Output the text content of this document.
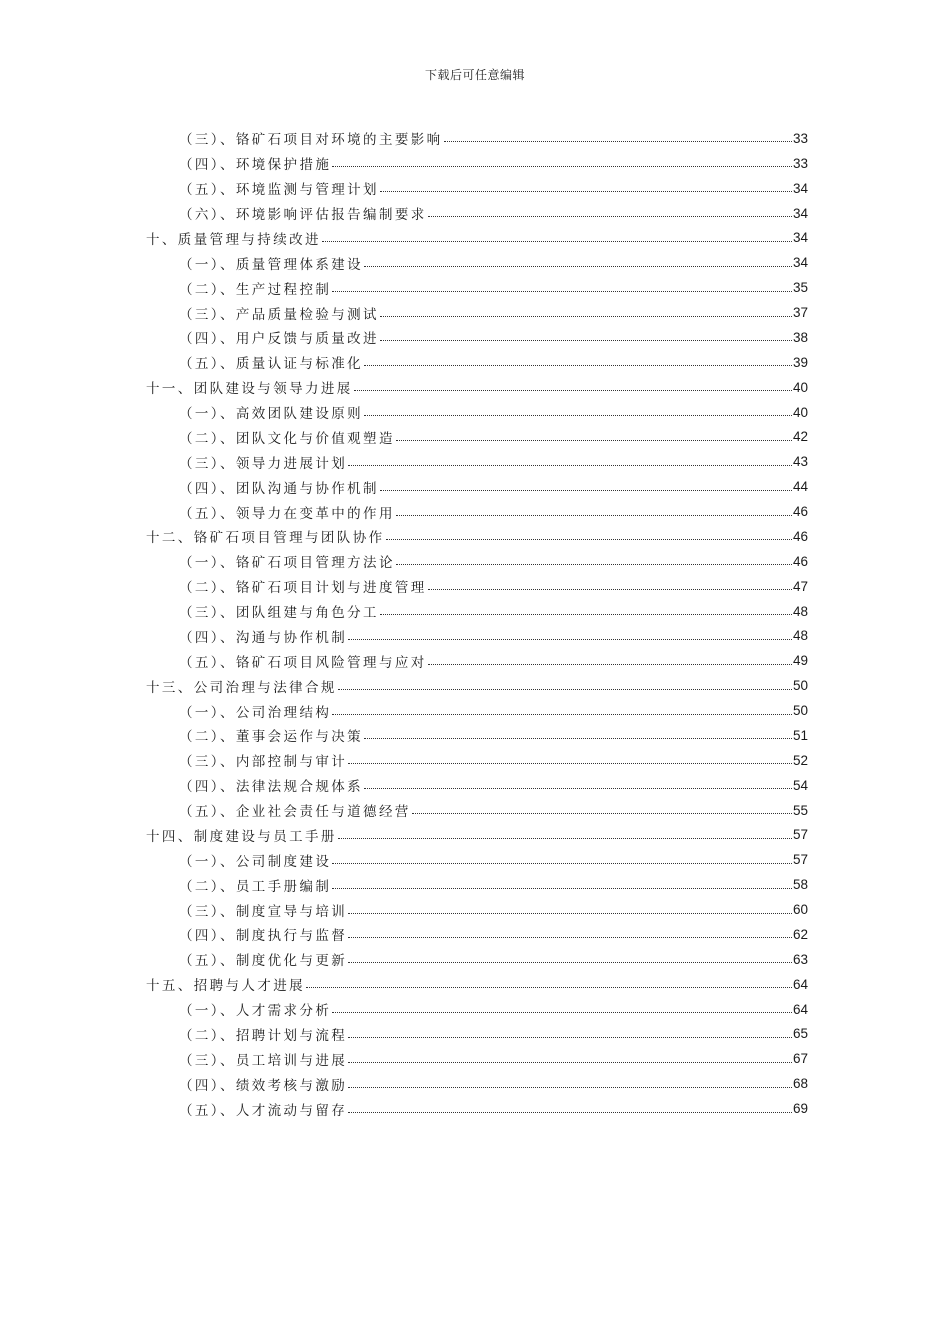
下载后可任意编辑
（三）、铬矿石项目对环境的主要影响	33
（四）、环境保护措施	33
（五）、环境监测与管理计划	34
（六）、环境影响评估报告编制要求	34
十、质量管理与持续改进	34
（一）、质量管理体系建设	34
（二）、生产过程控制	35
（三）、产品质量检验与测试	37
（四）、用户反馈与质量改进	38
（五）、质量认证与标准化	39
十一、团队建设与领导力进展	40
（一）、高效团队建设原则	40
（二）、团队文化与价值观塑造	42
（三）、领导力进展计划	43
（四）、团队沟通与协作机制	44
（五）、领导力在变革中的作用	46
十二、铬矿石项目管理与团队协作	46
（一）、铬矿石项目管理方法论	46
（二）、铬矿石项目计划与进度管理	47
（三）、团队组建与角色分工	48
（四）、沟通与协作机制	48
（五）、铬矿石项目风险管理与应对	49
十三、公司治理与法律合规	50
（一）、公司治理结构	50
（二）、董事会运作与决策	51
（三）、内部控制与审计	52
（四）、法律法规合规体系	54
（五）、企业社会责任与道德经营	55
十四、制度建设与员工手册	57
（一）、公司制度建设	57
（二）、员工手册编制	58
（三）、制度宣导与培训	60
（四）、制度执行与监督	62
（五）、制度优化与更新	63
十五、招聘与人才进展	64
（一）、人才需求分析	64
（二）、招聘计划与流程	65
（三）、员工培训与进展	67
（四）、绩效考核与激励	68
（五）、人才流动与留存	69
